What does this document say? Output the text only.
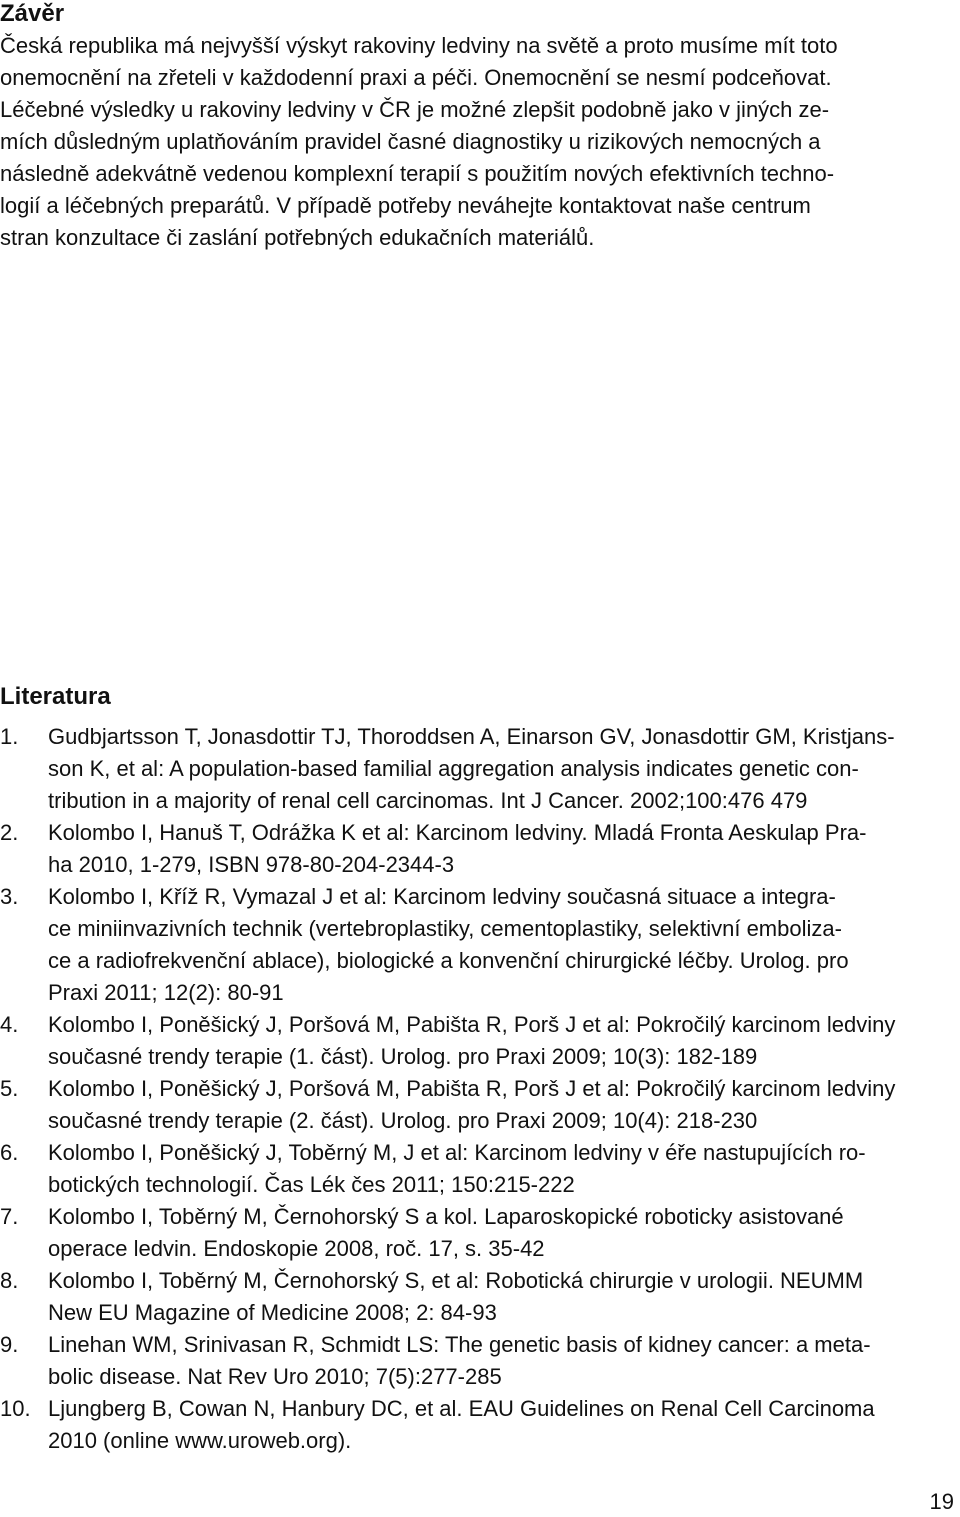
Závěr

Česká republika má nejvyšší výskyt rakoviny ledviny na světě a proto musíme mít toto

onemocnění na zřeteli v každodenní praxi a péči. Onemocnění se nesmí podceňovat.

Léčebné výsledky u rakoviny ledviny v ČR je možné zlepšit podobně jako v jiných ze-

mích důsledným uplatňováním pravidel časné diagnostiky u rizikových nemocných a

následně adekvátně vedenou komplexní terapií s použitím nových efektivních techno-

logií a léčebných preparátů. V případě potřeby neváhejte kontaktovat naše centrum

stran konzultace či zaslání potřebných edukačních materiálů.

Literatura
1. Gudbjartsson T, Jonasdottir TJ, Thoroddsen A, Einarson GV, Jonasdottir GM, Kristjans-

son K, et al: A population-based familial aggregation analysis indicates genetic con-

tribution in a majority of renal cell carcinomas. Int J Cancer. 2002;100:476 479

2. Kolombo I, Hanuš T, Odrážka K et al: Karcinom ledviny. Mladá Fronta Aeskulap Pra-

ha 2010, 1-279, ISBN 978-80-204-2344-3

3. Kolombo I, Kříž R, Vymazal J et al: Karcinom ledviny současná situace a integra-

ce miniinvazivních technik (vertebroplastiky, cementoplastiky, selektivní emboliza-

ce a radiofrekvenční ablace), biologické a konvenční chirurgické léčby. Urolog. pro

Praxi 2011; 12(2): 80-91

4. Kolombo I, Poněšický J, Poršová M, Pabišta R, Porš J et al: Pokročilý karcinom ledviny

současné trendy terapie (1. část). Urolog. pro Praxi 2009; 10(3): 182-189

5. Kolombo I, Poněšický J, Poršová M, Pabišta R, Porš J et al: Pokročilý karcinom ledviny

současné trendy terapie (2. část). Urolog. pro Praxi 2009; 10(4): 218-230

6. Kolombo I, Poněšický J, Toběrný M, J et al: Karcinom ledviny v éře nastupujících ro-

botických technologií. Čas Lék čes 2011; 150:215-222

7. Kolombo I, Toběrný M, Černohorský S a kol. Laparoskopické roboticky asistované

operace ledvin. Endoskopie 2008, roč. 17, s. 35-42

8. Kolombo I, Toběrný M, Černohorský S, et al: Robotická chirurgie v urologii. NEUMM

New EU Magazine of Medicine 2008; 2: 84-93

9. Linehan WM, Srinivasan R, Schmidt LS: The genetic basis of kidney cancer: a meta-

bolic disease. Nat Rev Uro 2010; 7(5):277-285

10. Ljungberg B, Cowan N, Hanbury DC, et al. EAU Guidelines on Renal Cell Carcinoma

2010 (online www.uroweb.org).

19
